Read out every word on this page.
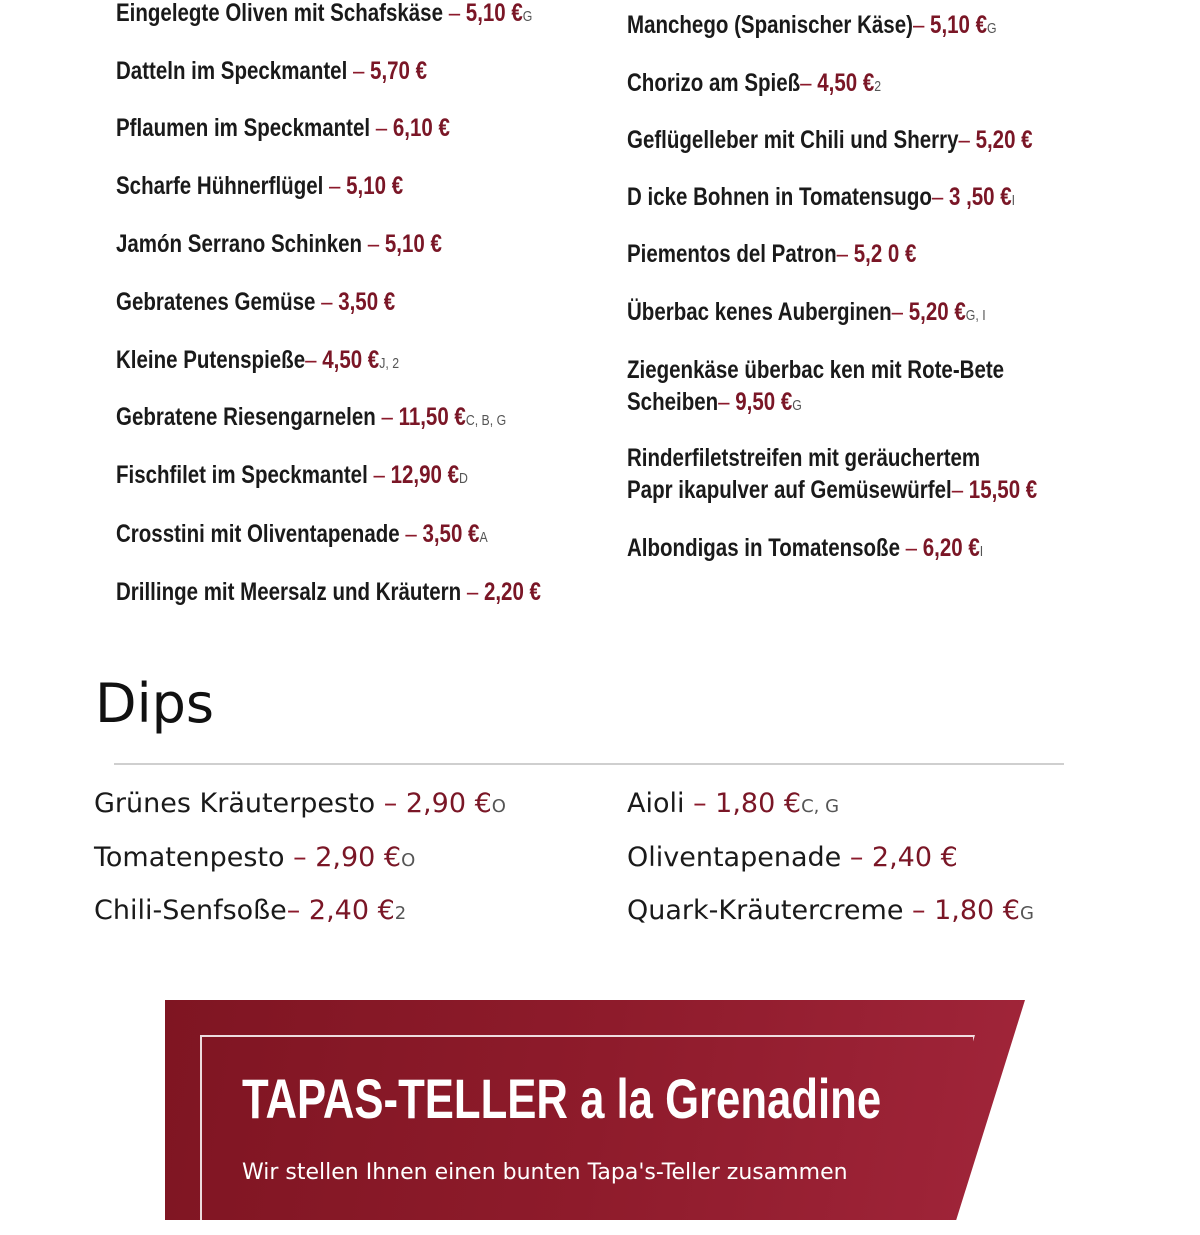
Eingelegte Oliven mit Schafskäse – 5,10 €G
Datteln im Speckmantel – 5,70 €
Pflaumen im Speckmantel – 6,10 €
Scharfe Hühnerflügel – 5,10 €
Jamón Serrano Schinken – 5,10 €
Gebratenes Gemüse – 3,50 €
Kleine Putenspieße– 4,50 €J, 2
Gebratene Riesengarnelen – 11,50 €C, B, G
Fischfilet im Speckmantel – 12,90 €D
Crosstini mit Oliventapenade – 3,50 €A
Drillinge mit Meersalz und Kräutern – 2,20 €
Manchego (Spanischer Käse)– 5,10 €G
Chorizo am Spieß– 4,50 €2
Geflügelleber mit Chili und Sherry– 5,20 €
D icke Bohnen in Tomatensugo– 3 ,50 €I
Piementos del Patron– 5,2 0 €
Überbac kenes Auberginen– 5,20 €G, I
Ziegenkäse überbac ken mit Rote-Bete
Scheiben– 9,50 €G
Rinderfiletstreifen mit geräuchertem
Papr ikapulver auf Gemüsewürfel– 15,50 €
Albondigas in Tomatensoße – 6,20 €I
Dips
Grünes Kräuterpesto – 2,90 €O
Tomatenpesto – 2,90 €O
Chili-Senfsoße– 2,40 €2
Aioli – 1,80 €C, G
Oliventapenade – 2,40 €
Quark-Kräutercreme – 1,80 €G
TAPAS-TELLER a la Grenadine
Wir stellen Ihnen einen bunten Tapa's-Teller zusammen
